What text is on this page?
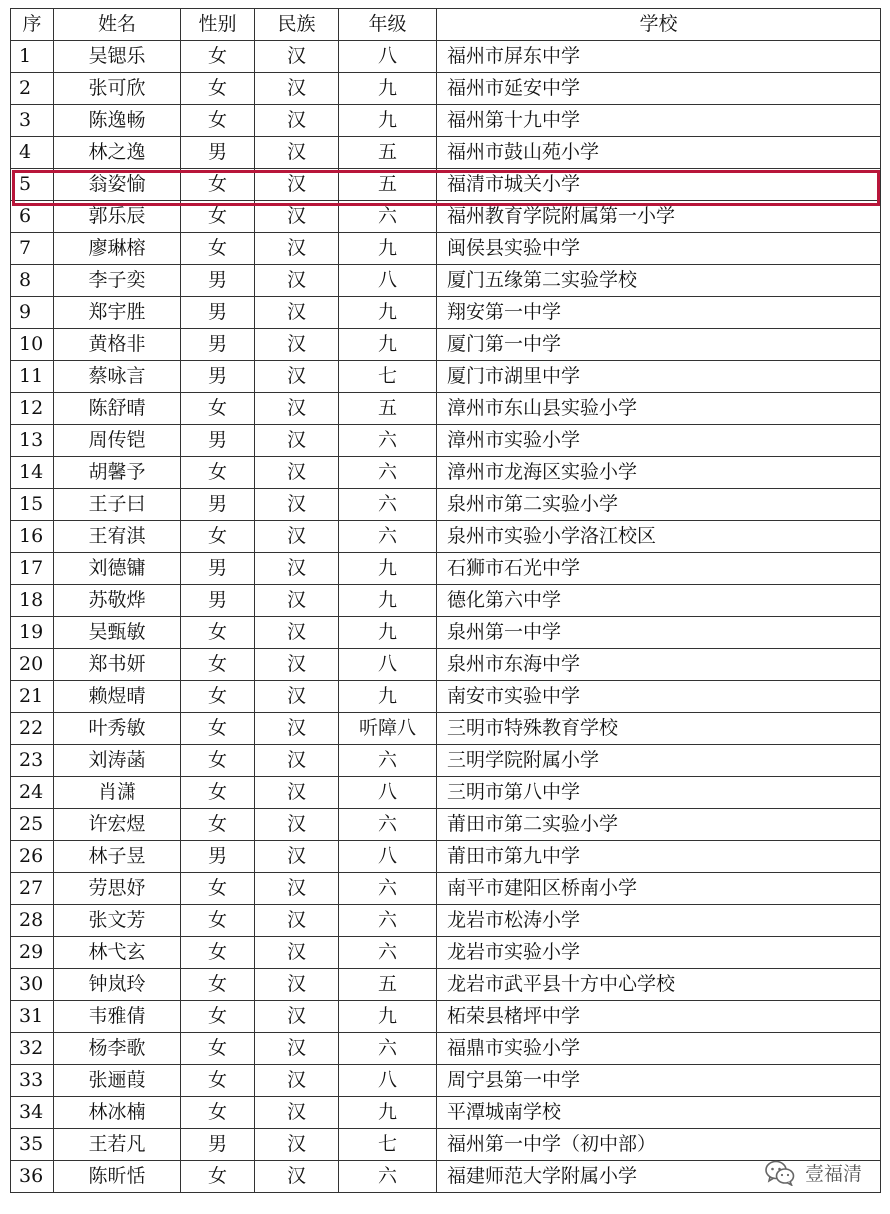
序	姓名	性别	民族	年级	学校
1	吴锶乐	女	汉	八	福州市屏东中学
2	张可欣	女	汉	九	福州市延安中学
3	陈逸畅	女	汉	九	福州第十九中学
4	林之逸	男	汉	五	福州市鼓山苑小学
5	翁姿愉	女	汉	五	福清市城关小学
6	郭乐辰	女	汉	六	福州教育学院附属第一小学
7	廖琳榕	女	汉	九	闽侯县实验中学
8	李子奕	男	汉	八	厦门五缘第二实验学校
9	郑宇胜	男	汉	九	翔安第一中学
10	黄格非	男	汉	九	厦门第一中学
11	蔡咏言	男	汉	七	厦门市湖里中学
12	陈舒晴	女	汉	五	漳州市东山县实验小学
13	周传铠	男	汉	六	漳州市实验小学
14	胡馨予	女	汉	六	漳州市龙海区实验小学
15	王子曰	男	汉	六	泉州市第二实验小学
16	王宥淇	女	汉	六	泉州市实验小学洛江校区
17	刘德镛	男	汉	九	石狮市石光中学
18	苏敬烨	男	汉	九	德化第六中学
19	吴甄敏	女	汉	九	泉州第一中学
20	郑书妍	女	汉	八	泉州市东海中学
21	赖煜晴	女	汉	九	南安市实验中学
22	叶秀敏	女	汉	听障八	三明市特殊教育学校
23	刘涛菡	女	汉	六	三明学院附属小学
24	肖潇	女	汉	八	三明市第八中学
25	许宏煜	女	汉	六	莆田市第二实验小学
26	林子昱	男	汉	八	莆田市第九中学
27	劳思妤	女	汉	六	南平市建阳区桥南小学
28	张文芳	女	汉	六	龙岩市松涛小学
29	林弋玄	女	汉	六	龙岩市实验小学
30	钟岚玲	女	汉	五	龙岩市武平县十方中心学校
31	韦雅倩	女	汉	九	柘荣县楮坪中学
32	杨李歌	女	汉	六	福鼎市实验小学
33	张逦葭	女	汉	八	周宁县第一中学
34	林冰楠	女	汉	九	平潭城南学校
35	王若凡	男	汉	七	福州第一中学（初中部）
36	陈昕恬	女	汉	六	福建师范大学附属小学	壹福清
